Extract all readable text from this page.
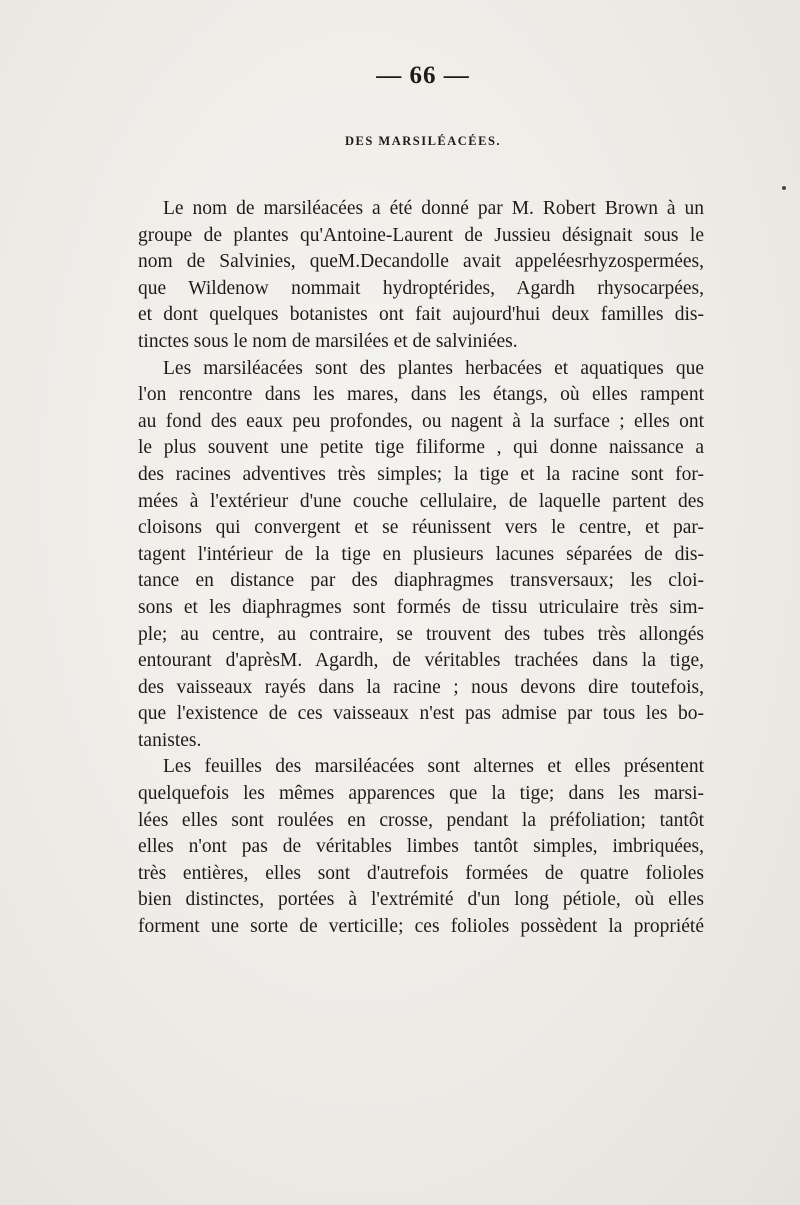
— 66 —
DES MARSILÉACÉES.
Le nom de marsiléacées a été donné par M. Robert Brown à un
groupe de plantes qu'Antoine-Laurent de Jussieu désignait sous le
nom de Salvinies, queM.Decandolle avait appeléesrhyzospermées,
que Wildenow nommait hydroptérides, Agardh rhysocarpées,
et dont quelques botanistes ont fait aujourd'hui deux familles dis-
tinctes sous le nom de marsilées et de salviniées.
Les marsiléacées sont des plantes herbacées et aquatiques que
l'on rencontre dans les mares, dans les étangs, où elles rampent
au fond des eaux peu profondes, ou nagent à la surface ; elles ont
le plus souvent une petite tige filiforme , qui donne naissance a
des racines adventives très simples; la tige et la racine sont for-
mées à l'extérieur d'une couche cellulaire, de laquelle partent des
cloisons qui convergent et se réunissent vers le centre, et par-
tagent l'intérieur de la tige en plusieurs lacunes séparées de dis-
tance en distance par des diaphragmes transversaux; les cloi-
sons et les diaphragmes sont formés de tissu utriculaire très sim-
ple; au centre, au contraire, se trouvent des tubes très allongés
entourant d'aprèsM. Agardh, de véritables trachées dans la tige,
des vaisseaux rayés dans la racine ; nous devons dire toutefois,
que l'existence de ces vaisseaux n'est pas admise par tous les bo-
tanistes.
Les feuilles des marsiléacées sont alternes et elles présentent
quelquefois les mêmes apparences que la tige; dans les marsi-
lées elles sont roulées en crosse, pendant la préfoliation; tantôt
elles n'ont pas de véritables limbes tantôt simples, imbriquées,
très entières, elles sont d'autrefois formées de quatre folioles
bien distinctes, portées à l'extrémité d'un long pétiole, où elles
forment une sorte de verticille; ces folioles possèdent la propriété
